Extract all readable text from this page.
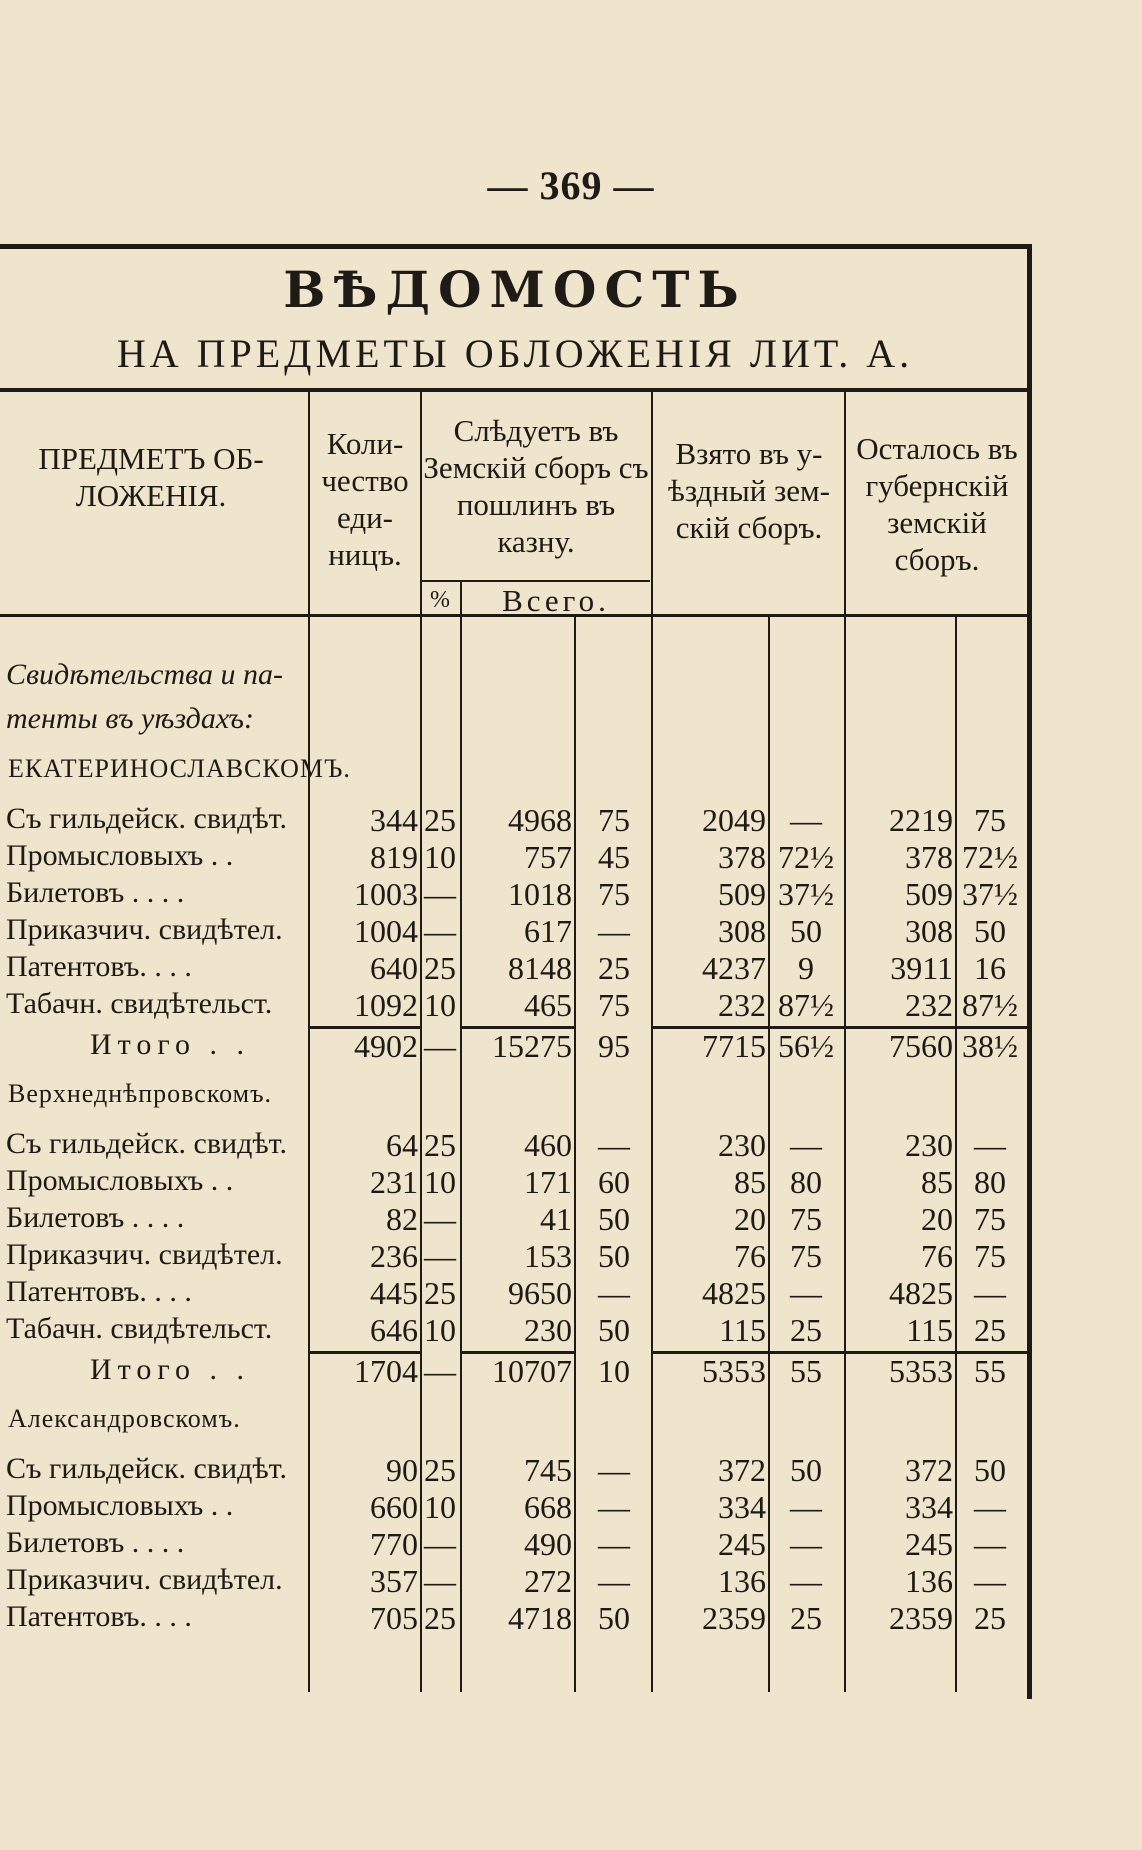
— 369 —
ВѢДОМОСТЬ
НА ПРЕДМЕТЫ ОБЛОЖЕНІЯ ЛИТ. А.
ПРЕДМЕТЪ ОБ-ЛОЖЕНІЯ.
Коли-чество еди-ницъ.
Слѣдуетъ въ Земскій сборъ съ пошлинъ въ казну.
%	Всего.
Взято въ у-ѣздный зем-скій сборъ.
Осталось въ губернскій земскій сборъ.
Свидѣтельства и па-
тенты въ уѣздахъ:
ЕКАТЕРИНОСЛАВСКОМЪ.
Съ гильдейск. свидѣт.	344 25 4968 75	2049 —	2219 75
Промысловыхъ . .	819 10 757 45	378 72½	378 72½
Билетовъ . . . .	1003 — 1018 75	509 37½	509 37½
Приказчич. свидѣтел. 1004 — 617 —	308 50	308 50
Патентовъ. . . .	640 25 8148 25	4237	9	3911 16
Табачн. свидѣтельст.	1092 10 465 75	232 87½	232 87½
Итого . .	4902 — 15275 95	7715 56½	7560 38½
Верхнеднѣпровскомъ.
Съ гильдейск. свидѣт.	64 25 460 —	230 —	230 —
Промысловыхъ . .	231 10 171 60	85 80	85 80
Билетовъ . . . .	82 —	41 50	20 75	20 75
Приказчич. свидѣтел.	236 — 153 50	76 75	76 75
Патентовъ. . . .	445 25 9650 —	4825 —	4825 —
Табачн. свидѣтельст.	646 10 230 50	115 25	115 25
Итого . .	1704 — 10707 10	5353 55	5353 55
Александровскомъ.
Съ гильдейск. свидѣт.	90 25 745 —	372 50	372 50
Промысловыхъ . .	660 10 668 —	334 —	334 —
Билетовъ . . . .	770 — 490 —	245 —	245 —
Приказчич. свидѣтел.	357 — 272 —	136 —	136 —
Патентовъ. . . .	705 25 4718 50	2359 25	2359 25
